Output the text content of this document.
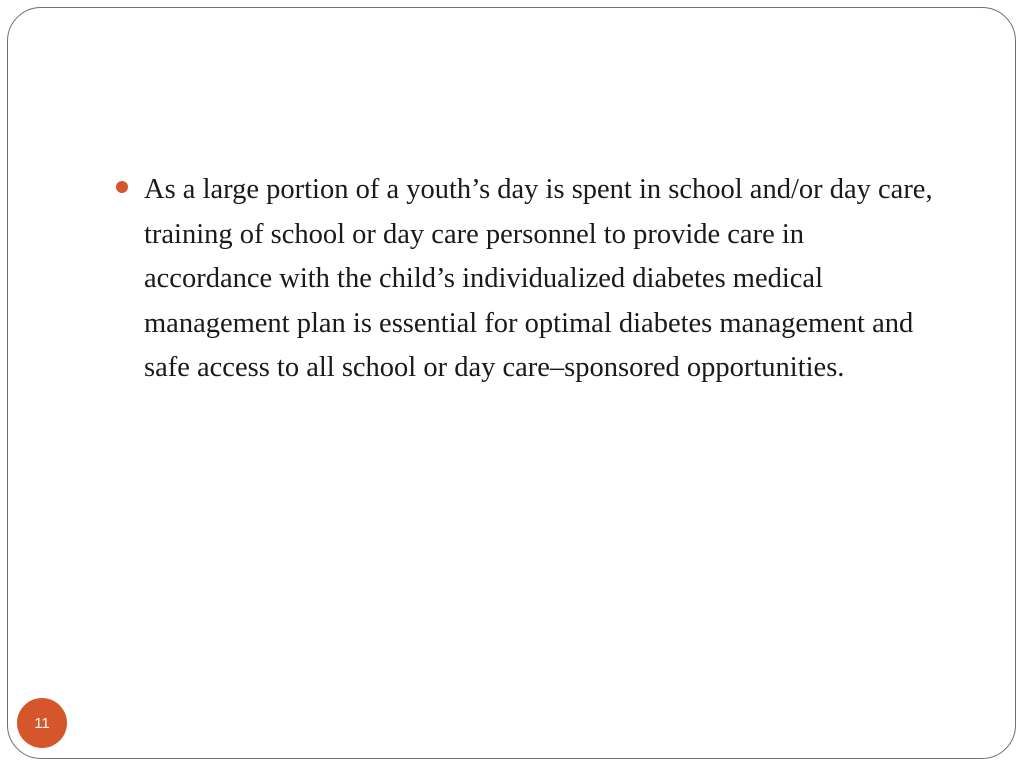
As a large portion of a youth’s day is spent in school and/or day care, training of school or day care personnel to provide care in accordance with the child’s individualized diabetes medical management plan is essential for optimal diabetes management and safe access to all school or day care–sponsored opportunities.

11
